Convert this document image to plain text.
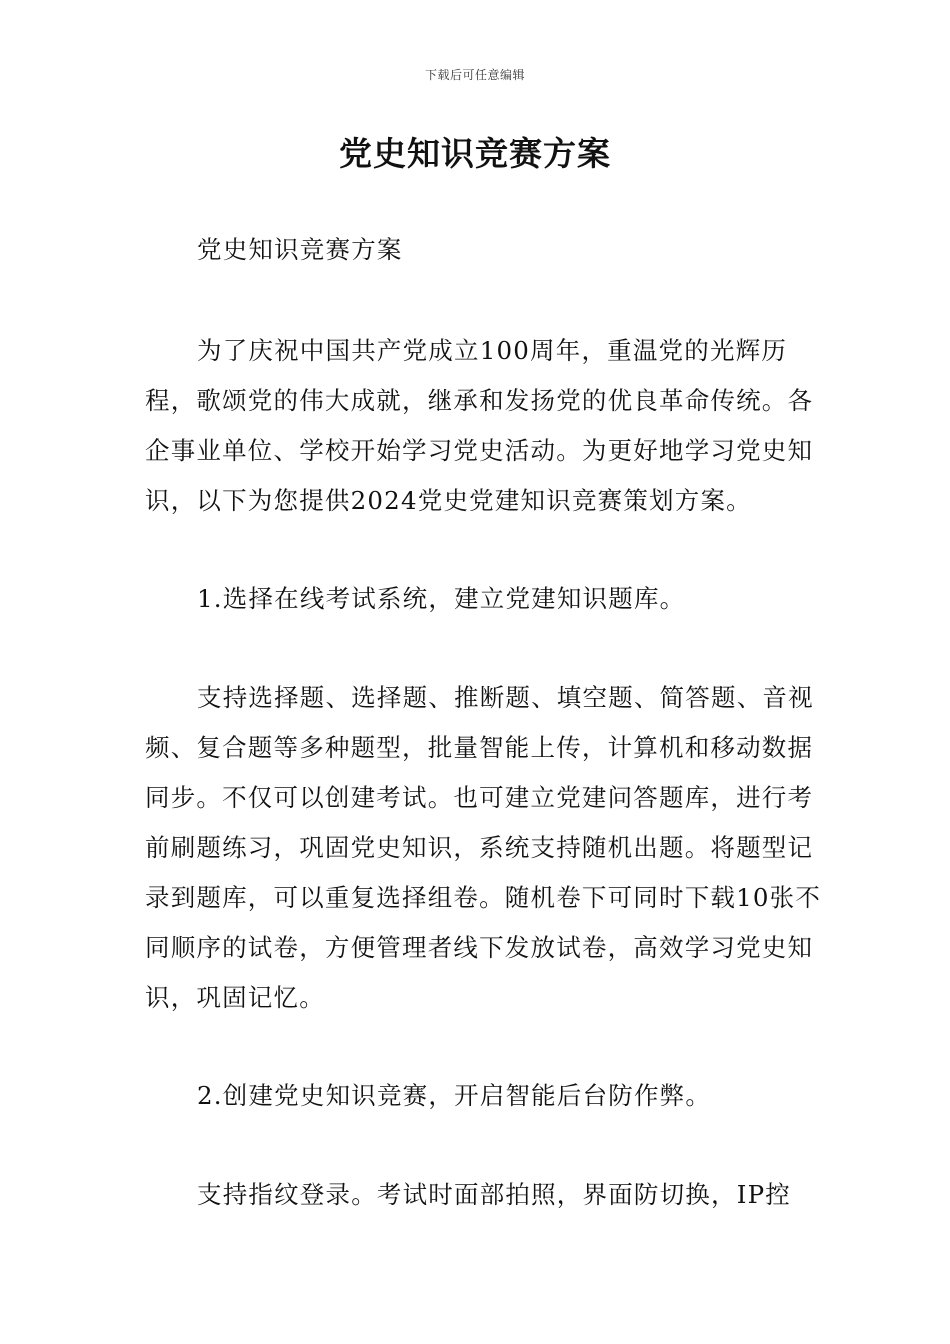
下载后可任意编辑
党史知识竞赛方案

党史知识竞赛方案

为了庆祝中国共产党成立100周年，重温党的光辉历程，歌颂党的伟大成就，继承和发扬党的优良革命传统。各企事业单位、学校开始学习党史活动。为更好地学习党史知识，以下为您提供2024党史党建知识竞赛策划方案。

1.选择在线考试系统，建立党建知识题库。

支持选择题、选择题、推断题、填空题、简答题、音视频、复合题等多种题型，批量智能上传，计算机和移动数据同步。不仅可以创建考试。也可建立党建问答题库，进行考前刷题练习，巩固党史知识，系统支持随机出题。将题型记录到题库，可以重复选择组卷。随机卷下可同时下载10张不同顺序的试卷，方便管理者线下发放试卷，高效学习党史知识，巩固记忆。

2.创建党史知识竞赛，开启智能后台防作弊。

支持指纹登录。考试时面部拍照，界面防切换，IP控
